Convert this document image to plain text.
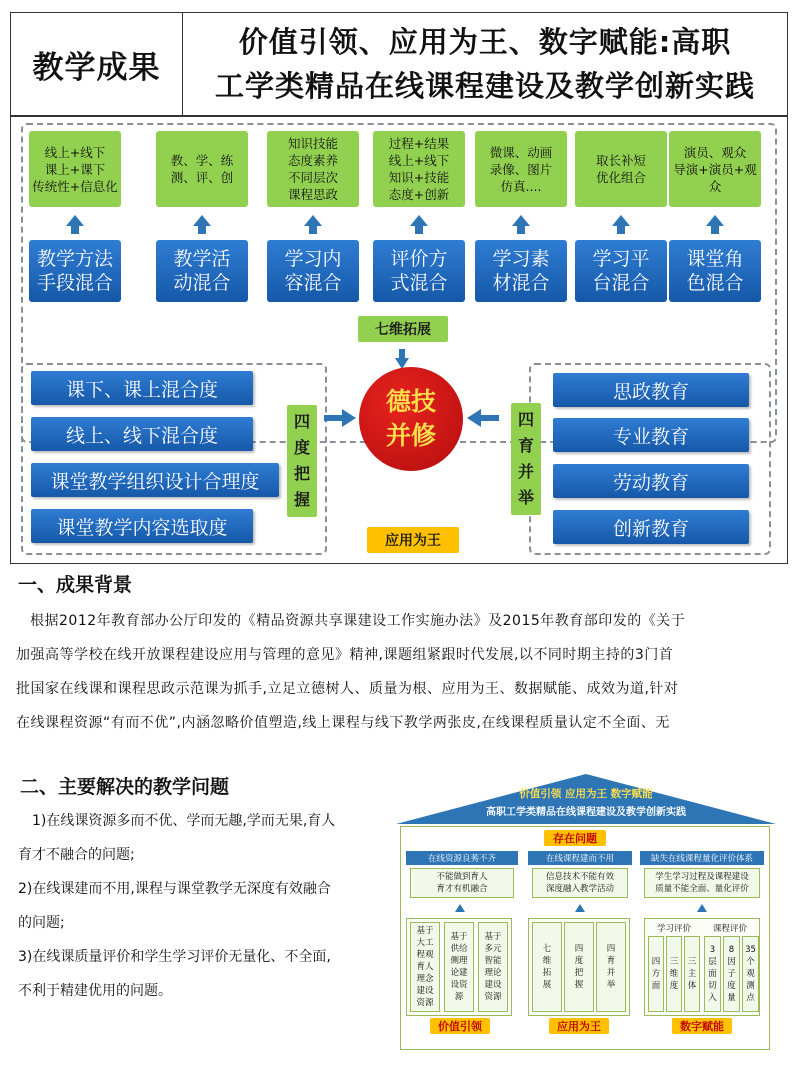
教学成果
价值引领、应用为王、数字赋能:高职
工学类精品在线课程建设及教学创新实践
线上+线下
课上+课下
传统性+信息化
教学方法
手段混合
教、学、练
测、评、创
教学活
动混合
知识技能
态度素养
不同层次
课程思政
学习内
容混合
过程+结果
线上+线下
知识+技能
态度+创新
评价方
式混合
微课、动画
录像、图片
仿真....
学习素
材混合
取长补短
优化组合
学习平
台混合
演员、观众
导演+演员+观众
课堂角
色混合
七维拓展
课下、课上混合度
线上、线下混合度
课堂教学组织设计合理度
课堂教学内容选取度
四
度
把
握
德技
并修
应用为王
四
育
并
举
思政教育
专业教育
劳动教育
创新教育
一、成果背景
根据2012年教育部办公厅印发的《精品资源共享课建设工作实施办法》及2015年教育部印发的《关于
加强高等学校在线开放课程建设应用与管理的意见》精神,课题组紧跟时代发展,以不同时期主持的3门首
批国家在线课和课程思政示范课为抓手,立足立德树人、质量为根、应用为王、数据赋能、成效为道,针对
在线课程资源“有而不优”,内涵忽略价值塑造,线上课程与线下教学两张皮,在线课程质量认定不全面、无
二、主要解决的教学问题
1)在线课资源多而不优、学而无趣,学而无果,育人
育才不融合的问题;
2)在线课建而不用,课程与课堂教学无深度有效融合
的问题;
3)在线课质量评价和学生学习评价无量化、不全面,
不利于精建优用的问题。
价值引领 应用为王 数字赋能
高职工学类精品在线课程建设及教学创新实践
存在问题
在线资源良莠不齐
不能做到育人
育才有机融合
在线课程建而不用
信息技术不能有效
深度融入教学活动
缺失在线课程量化评价体系
学生学习过程及课程建设
质量不能全面、量化评价
基于
大工
程观
育人
理念
建设
资源
基于
供给
侧理
论建
设资
源
基于
多元
智能
理论
建设
资源
价值引领
七
维
拓
展
四
度
把
握
四
育
并
举
应用为王
学习评价	课程评价
四
方
面
三
维
度
三
主
体
3
层
面
切
入
8
因
子
度
量
35
个
观
测
点
数字赋能
